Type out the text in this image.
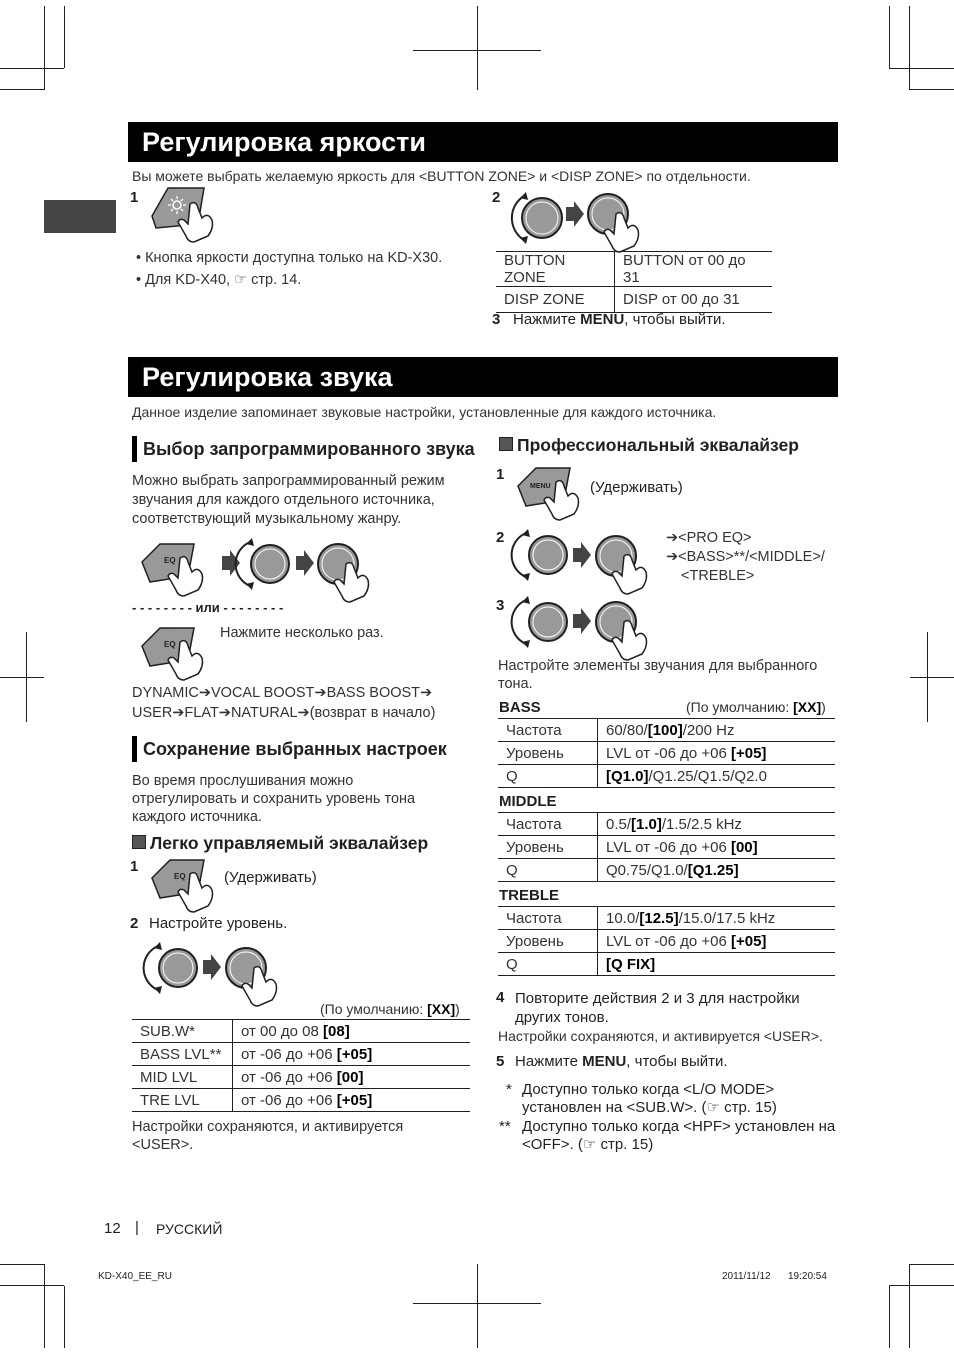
Регулировка яркости
Вы можете выбрать желаемую яркость для <BUTTON ZONE> и <DISP ZONE> по отдельности.
1	2
• Кнопка яркости доступна только на KD-X30.
• Для KD-X40, ☞ стр. 14.
BUTTON ZONE	BUTTON от 00 до 31
DISP ZONE	DISP от 00 до 31
3 Нажмите MENU, чтобы выйти.
Регулировка звука
Данное изделие запоминает звуковые настройки, установленные для каждого источника.
Выбор запрограммированного звука
Можно выбрать запрограммированный режим звучания для каждого отдельного источника, соответствующий музыкальному жанру.
EQ
- - - - - - - - или - - - - - - - -
EQ
Нажмите несколько раз.
DYNAMIC➔VOCAL BOOST➔BASS BOOST➔
USER➔FLAT➔NATURAL➔(возврат в начало)
Сохранение выбранных настроек
Во время прослушивания можно отрегулировать и сохранить уровень тона каждого источника.
Легко управляемый эквалайзер
1
EQ	(Удерживать)
2 Настройте уровень.
(По умолчанию: [XX])
SUB.W*	от 00 до 08 [08]
BASS LVL**	от -06 до +06 [+05]
MID LVL	от -06 до +06 [00]
TRE LVL	от -06 до +06 [+05]
Настройки сохраняются, и активируется <USER>.
Профессиональный эквалайзер
1
MENU	(Удерживать)
2	➔<PRO EQ>
➔<BASS>**/<MIDDLE>/
<TREBLE>
3
Настройте элементы звучания для выбранного тона.
BASS	(По умолчанию: [XX])
Частота	60/80/[100]/200 Hz
Уровень	LVL от -06 до +06 [+05]
Q	[Q1.0]/Q1.25/Q1.5/Q2.0
MIDDLE
Частота	0.5/[1.0]/1.5/2.5 kHz
Уровень	LVL от -06 до +06 [00]
Q	Q0.75/Q1.0/[Q1.25]
TREBLE
Частота	10.0/[12.5]/15.0/17.5 kHz
Уровень	LVL от -06 до +06 [+05]
Q	[Q FIX]
4 Повторите действия 2 и 3 для настройки других тонов.
Настройки сохраняются, и активируется <USER>.
5 Нажмите MENU, чтобы выйти.
* Доступно только когда <L/O MODE> установлен на <SUB.W>. (☞ стр. 15)
** Доступно только когда <HPF> установлен на <OFF>. (☞ стр. 15)
12 | РУССКИЙ
KD-X40_EE_RU	2011/11/12 19:20:54
